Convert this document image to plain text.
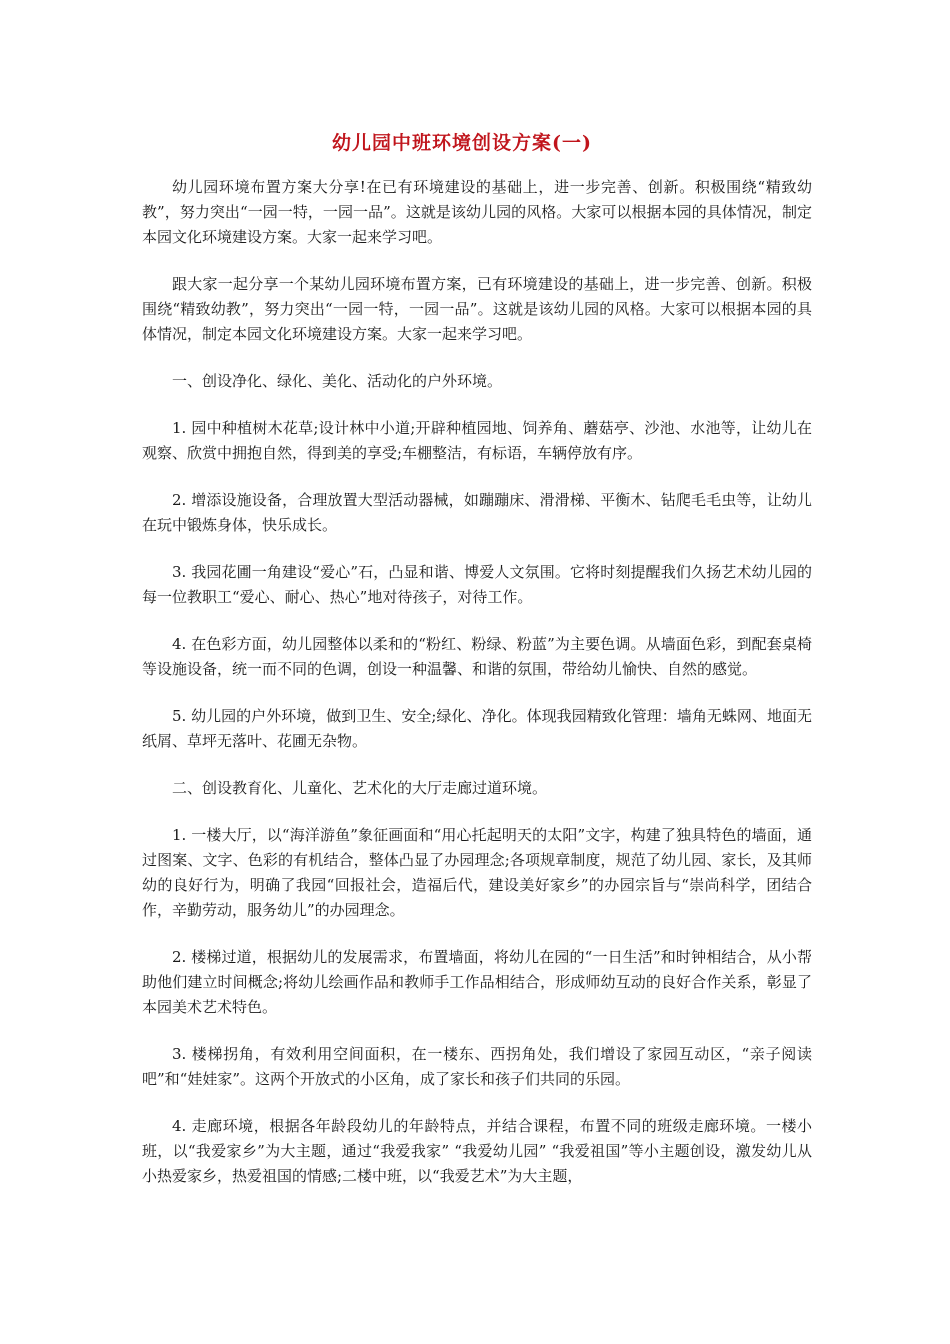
幼儿园中班环境创设方案(一)

幼儿园环境布置方案大分享!在已有环境建设的基础上，进一步完善、创新。积极围绕“精致幼教”，努力突出“一园一特，一园一品”。这就是该幼儿园的风格。大家可以根据本园的具体情况，制定本园文化环境建设方案。大家一起来学习吧。

跟大家一起分享一个某幼儿园环境布置方案，已有环境建设的基础上，进一步完善、创新。积极围绕“精致幼教”，努力突出“一园一特，一园一品”。这就是该幼儿园的风格。大家可以根据本园的具体情况，制定本园文化环境建设方案。大家一起来学习吧。

一、创设净化、绿化、美化、活动化的户外环境。

1. 园中种植树木花草;设计林中小道;开辟种植园地、饲养角、蘑菇亭、沙池、水池等，让幼儿在观察、欣赏中拥抱自然，得到美的享受;车棚整洁，有标语，车辆停放有序。

2. 增添设施设备，合理放置大型活动器械，如蹦蹦床、滑滑梯、平衡木、钻爬毛毛虫等，让幼儿在玩中锻炼身体，快乐成长。

3. 我园花圃一角建设“爱心”石，凸显和谐、博爱人文氛围。它将时刻提醒我们久扬艺术幼儿园的每一位教职工“爱心、耐心、热心”地对待孩子，对待工作。

4. 在色彩方面，幼儿园整体以柔和的“粉红、粉绿、粉蓝”为主要色调。从墙面色彩，到配套桌椅等设施设备，统一而不同的色调，创设一种温馨、和谐的氛围，带给幼儿愉快、自然的感觉。

5. 幼儿园的户外环境，做到卫生、安全;绿化、净化。体现我园精致化管理：墙角无蛛网、地面无纸屑、草坪无落叶、花圃无杂物。

二、创设教育化、儿童化、艺术化的大厅走廊过道环境。

1. 一楼大厅，以“海洋游鱼”象征画面和“用心托起明天的太阳”文字，构建了独具特色的墙面，通过图案、文字、色彩的有机结合，整体凸显了办园理念;各项规章制度，规范了幼儿园、家长，及其师幼的良好行为，明确了我园“回报社会，造福后代，建设美好家乡”的办园宗旨与“崇尚科学，团结合作，辛勤劳动，服务幼儿”的办园理念。

2. 楼梯过道，根据幼儿的发展需求，布置墙面，将幼儿在园的“一日生活”和时钟相结合，从小帮助他们建立时间概念;将幼儿绘画作品和教师手工作品相结合，形成师幼互动的良好合作关系，彰显了本园美术艺术特色。

3. 楼梯拐角，有效利用空间面积，在一楼东、西拐角处，我们增设了家园互动区，“亲子阅读吧”和“娃娃家”。这两个开放式的小区角，成了家长和孩子们共同的乐园。

4. 走廊环境，根据各年龄段幼儿的年龄特点，并结合课程，布置不同的班级走廊环境。一楼小班，以“我爱家乡”为大主题，通过“我爱我家” “我爱幼儿园” “我爱祖国”等小主题创设，激发幼儿从小热爱家乡，热爱祖国的情感;二楼中班，以“我爱艺术”为大主题，
